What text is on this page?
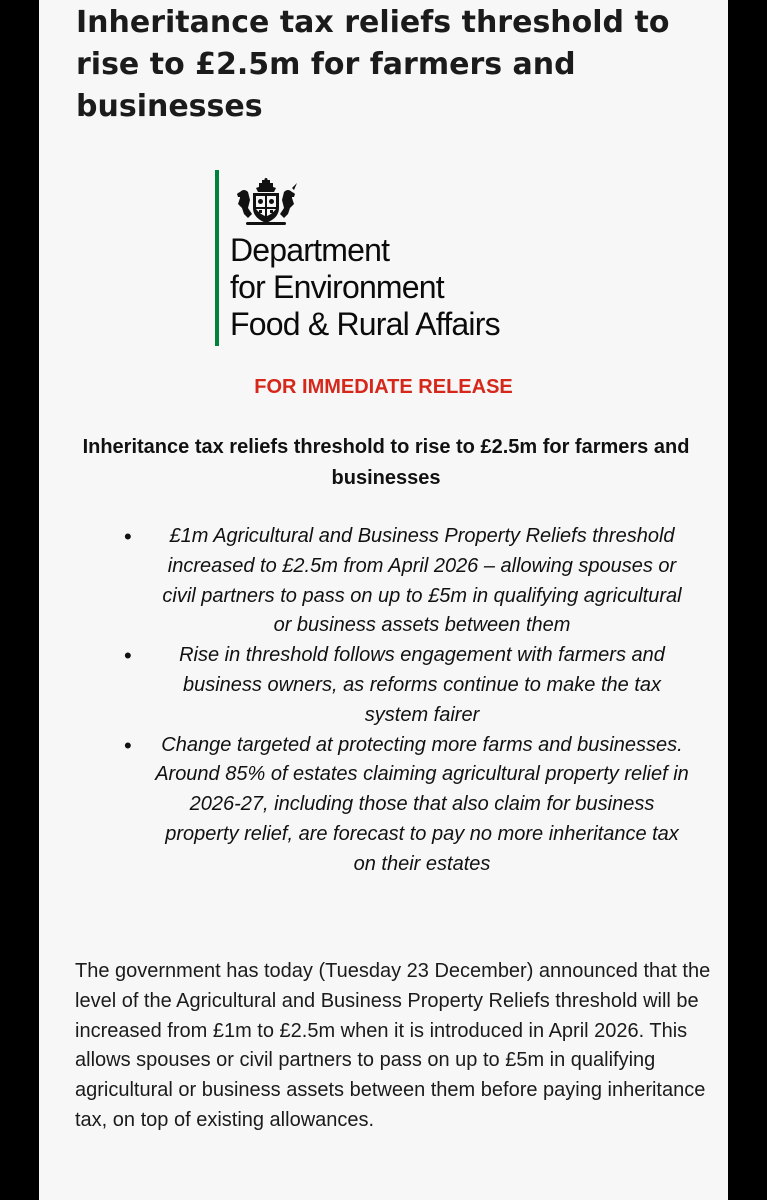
Inheritance tax reliefs threshold to rise to £2.5m for farmers and businesses
Department
for Environment
Food & Rural Affairs
FOR IMMEDIATE RELEASE
Inheritance tax reliefs threshold to rise to £2.5m for farmers and businesses
•	£1m Agricultural and Business Property Reliefs threshold increased to £2.5m from April 2026 – allowing spouses or civil partners to pass on up to £5m in qualifying agricultural or business assets between them
•	Rise in threshold follows engagement with farmers and business owners, as reforms continue to make the tax system fairer
•	Change targeted at protecting more farms and businesses. Around 85% of estates claiming agricultural property relief in 2026-27, including those that also claim for business property relief, are forecast to pay no more inheritance tax on their estates

The government has today (Tuesday 23 December) announced that the level of the Agricultural and Business Property Reliefs threshold will be increased from £1m to £2.5m when it is introduced in April 2026. This allows spouses or civil partners to pass on up to £5m in qualifying agricultural or business assets between them before paying inheritance tax, on top of existing allowances.
